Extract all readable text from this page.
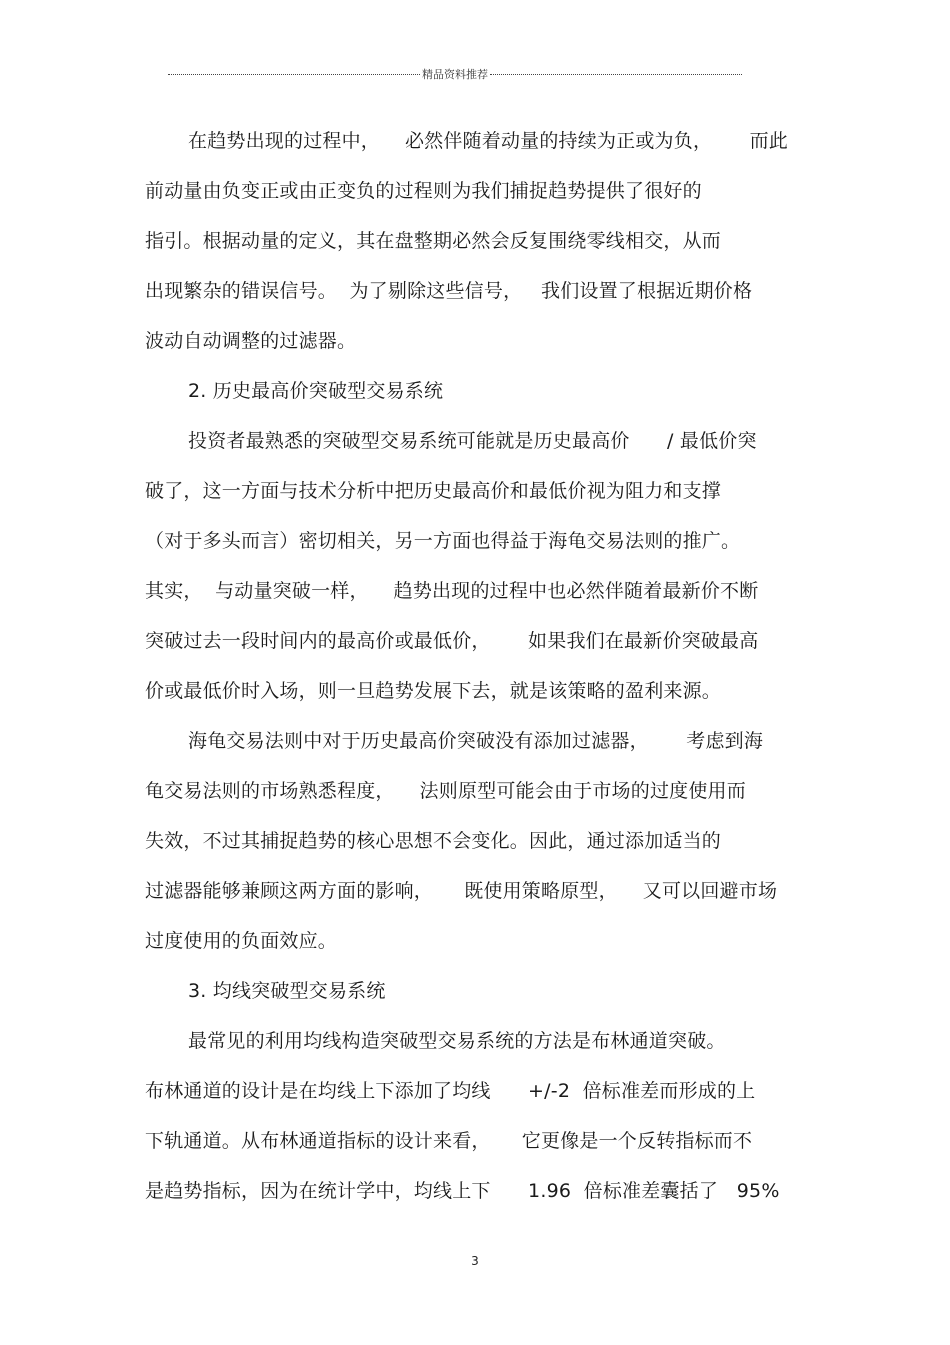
精品资料推荐
在趋势出现的过程中，    必然伴随着动量的持续为正或为负，      而此
前动量由负变正或由正变负的过程则为我们捕捉趋势提供了很好的
指引。根据动量的定义，其在盘整期必然会反复围绕零线相交，从而
出现繁杂的错误信号。  为了剔除这些信号，   我们设置了根据近期价格
波动自动调整的过滤器。
2. 历史最高价突破型交易系统
投资者最熟悉的突破型交易系统可能就是历史最高价      / 最低价突
破了，这一方面与技术分析中把历史最高价和最低价视为阻力和支撑
（对于多头而言）密切相关，另一方面也得益于海龟交易法则的推广。
其实，  与动量突破一样，    趋势出现的过程中也必然伴随着最新价不断
突破过去一段时间内的最高价或最低价，      如果我们在最新价突破最高
价或最低价时入场，则一旦趋势发展下去，就是该策略的盈利来源。
海龟交易法则中对于历史最高价突破没有添加过滤器，      考虑到海
龟交易法则的市场熟悉程度，    法则原型可能会由于市场的过度使用而
失效，不过其捕捉趋势的核心思想不会变化。因此，通过添加适当的
过滤器能够兼顾这两方面的影响，     既使用策略原型，    又可以回避市场
过度使用的负面效应。
3. 均线突破型交易系统
最常见的利用均线构造突破型交易系统的方法是布林通道突破。
布林通道的设计是在均线上下添加了均线      +/-2  倍标准差而形成的上
下轨通道。从布林通道指标的设计来看，     它更像是一个反转指标而不
是趋势指标，因为在统计学中，均线上下      1.96  倍标准差囊括了   95%
3
